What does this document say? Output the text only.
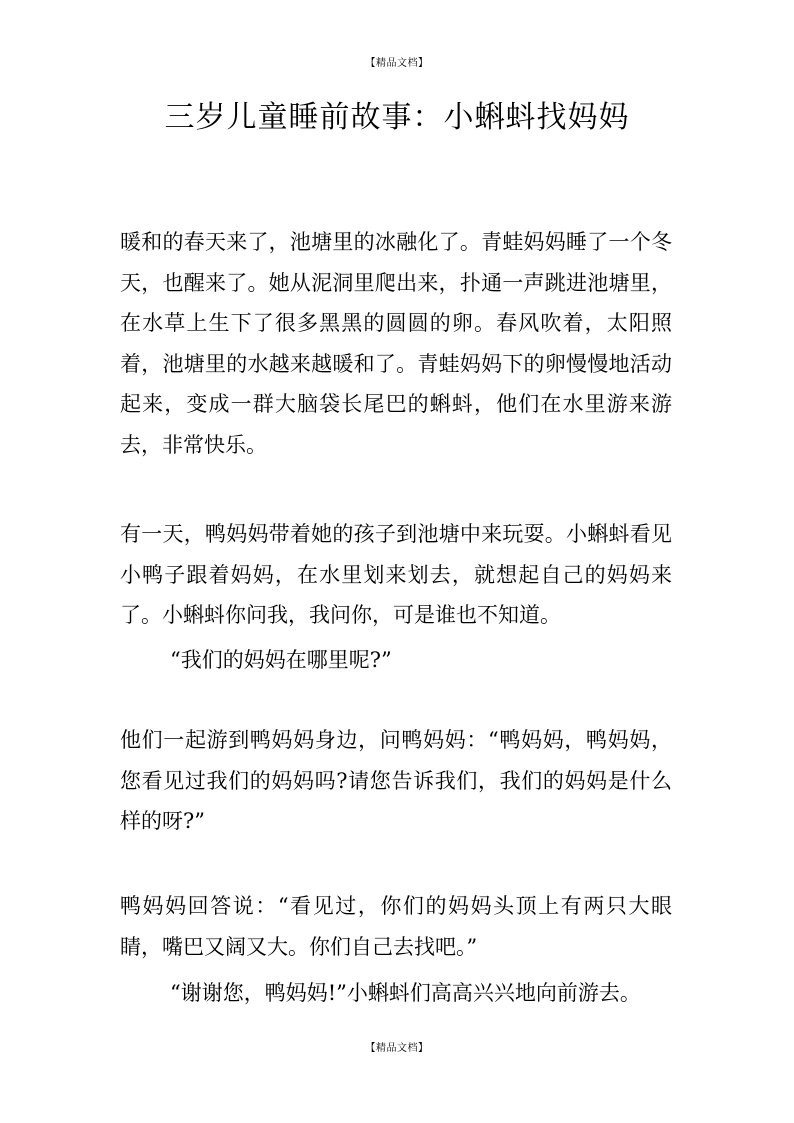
【精品文档】
三岁儿童睡前故事：小蝌蚪找妈妈
暖和的春天来了，池塘里的冰融化了。青蛙妈妈睡了一个冬天，也醒来了。她从泥洞里爬出来，扑通一声跳进池塘里，在水草上生下了很多黑黑的圆圆的卵。春风吹着，太阳照着，池塘里的水越来越暖和了。青蛙妈妈下的卵慢慢地活动起来，变成一群大脑袋长尾巴的蝌蚪，他们在水里游来游去，非常快乐。
有一天，鸭妈妈带着她的孩子到池塘中来玩耍。小蝌蚪看见小鸭子跟着妈妈，在水里划来划去，就想起自己的妈妈来了。小蝌蚪你问我，我问你，可是谁也不知道。
“我们的妈妈在哪里呢?”
他们一起游到鸭妈妈身边，问鸭妈妈：“鸭妈妈，鸭妈妈，您看见过我们的妈妈吗?请您告诉我们，我们的妈妈是什么样的呀?”
鸭妈妈回答说：“看见过，你们的妈妈头顶上有两只大眼睛，嘴巴又阔又大。你们自己去找吧。”
“谢谢您，鸭妈妈!”小蝌蚪们高高兴兴地向前游去。
【精品文档】
